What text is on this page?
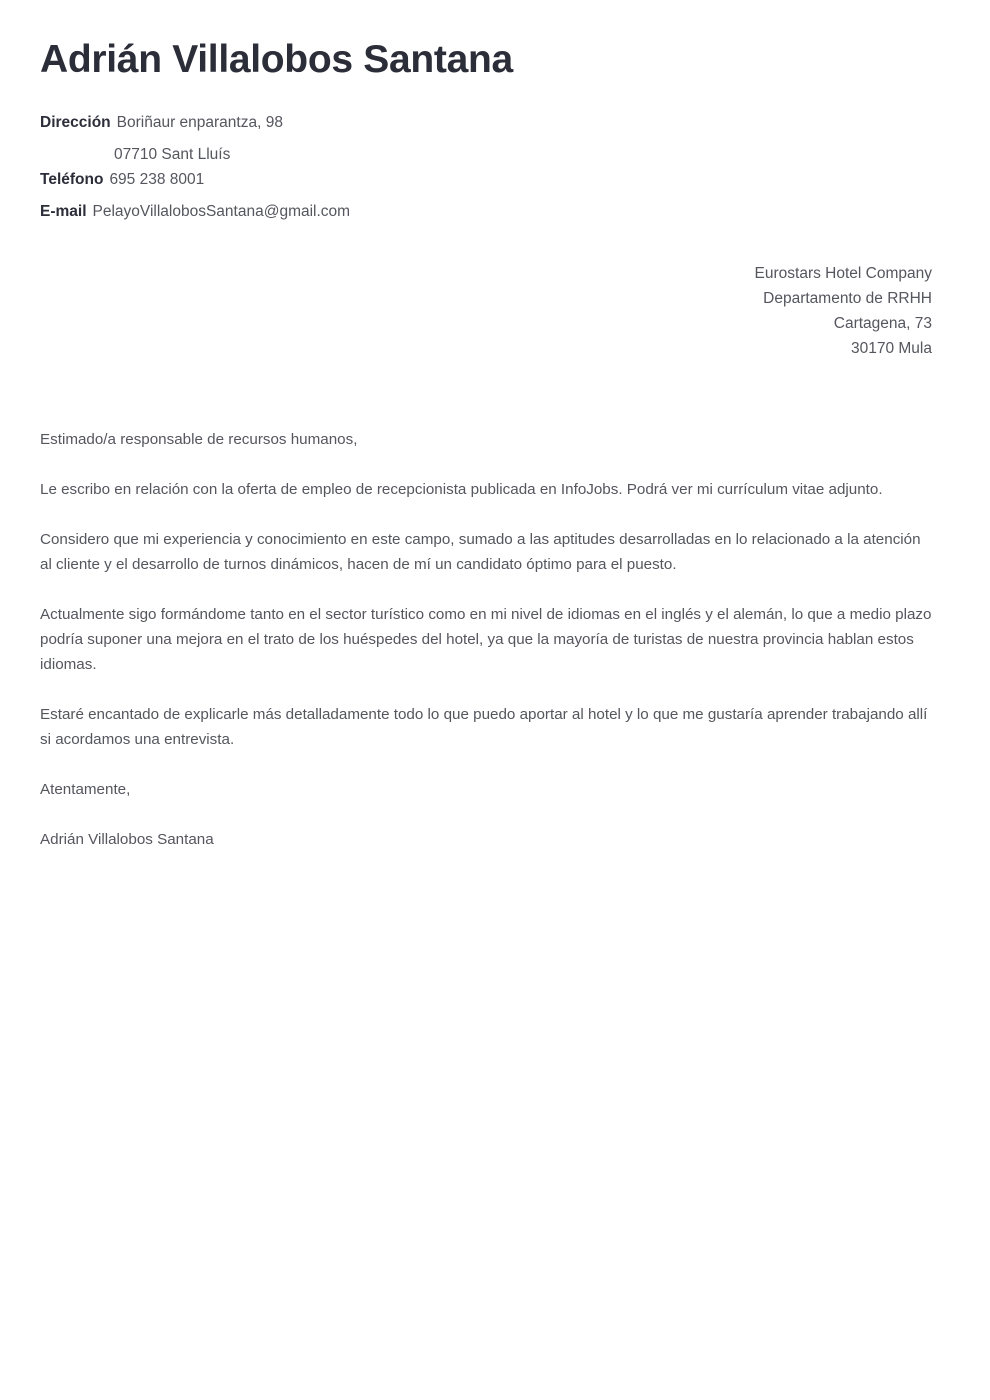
Adrián Villalobos Santana
Dirección Boriñaur enparantza, 98
07710 Sant Lluís
Teléfono 695 238 8001
E-mail PelayoVillalobosSantana@gmail.com
Eurostars Hotel Company
Departamento de RRHH
Cartagena, 73
30170 Mula

Estimado/a responsable de recursos humanos,

Le escribo en relación con la oferta de empleo de recepcionista publicada en InfoJobs. Podrá ver mi currículum vitae adjunto.

Considero que mi experiencia y conocimiento en este campo, sumado a las aptitudes desarrolladas en lo relacionado a la atención al cliente y el desarrollo de turnos dinámicos, hacen de mí un candidato óptimo para el puesto.

Actualmente sigo formándome tanto en el sector turístico como en mi nivel de idiomas en el inglés y el alemán, lo que a medio plazo podría suponer una mejora en el trato de los huéspedes del hotel, ya que la mayoría de turistas de nuestra provincia hablan estos idiomas.

Estaré encantado de explicarle más detalladamente todo lo que puedo aportar al hotel y lo que me gustaría aprender trabajando allí si acordamos una entrevista.

Atentamente,

Adrián Villalobos Santana
